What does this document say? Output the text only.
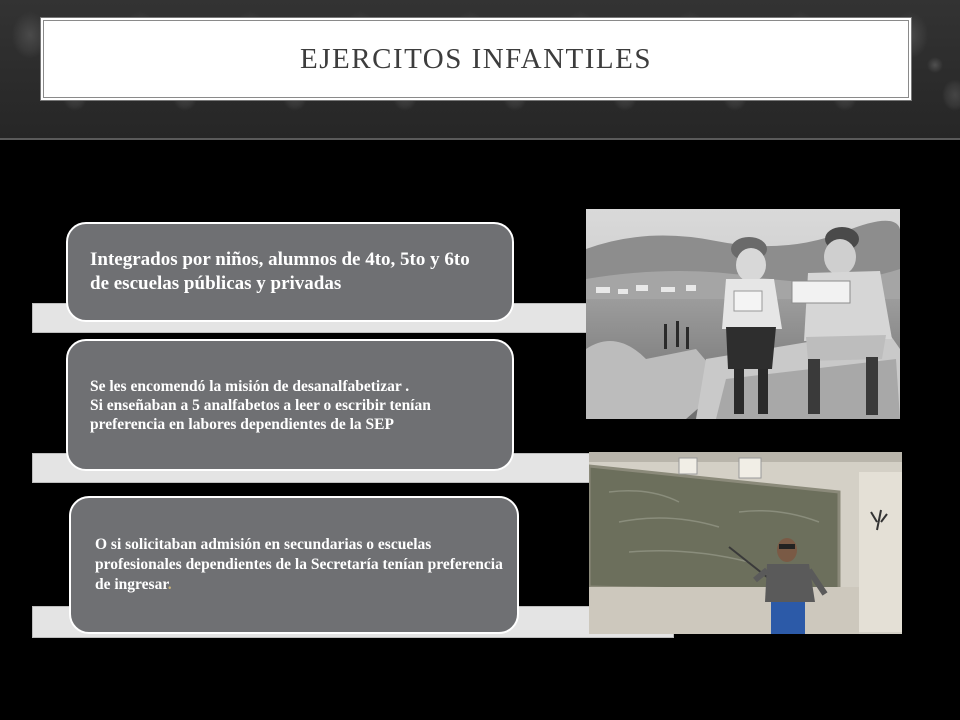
EJERCITOS INFANTILES
Integrados por niños, alumnos de 4to, 5to y 6to de escuelas públicas y privadas
Se les encomendó la misión de desanalfabetizar .
Si enseñaban a 5 analfabetos a leer o escribir tenían preferencia en labores dependientes de la SEP
O si solicitaban admisión en secundarias o escuelas profesionales dependientes de la Secretaría tenían preferencia de ingresar.
